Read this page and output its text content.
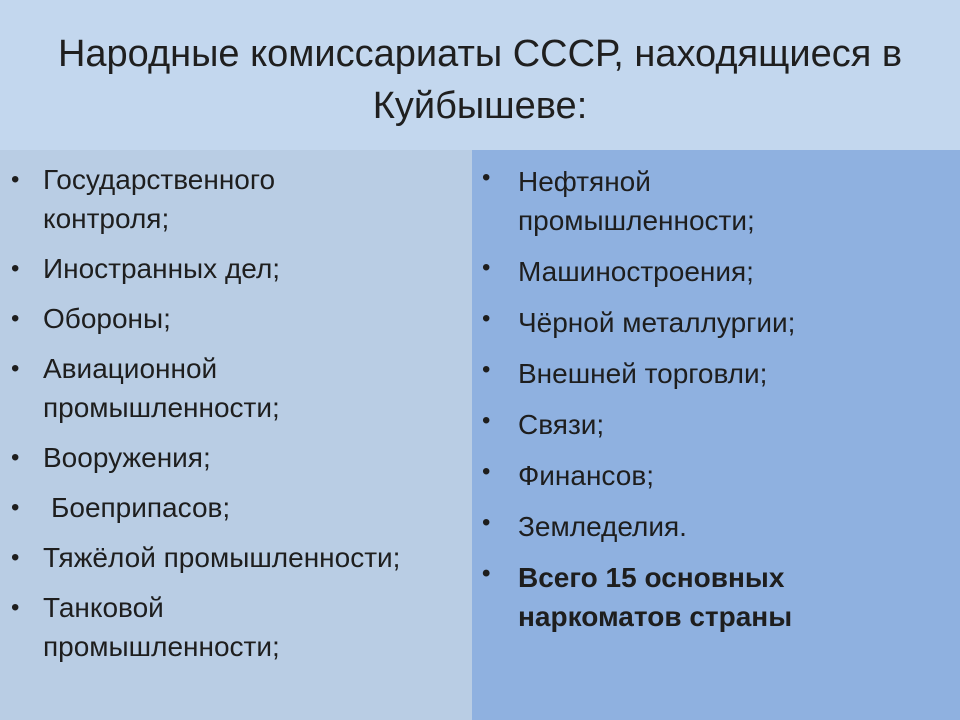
Народные комиссариаты СССР, находящиеся в Куйбышеве:
• Государственного контроля;
• Иностранных дел;
• Обороны;
• Авиационной промышленности;
• Вооружения;
• Боеприпасов;
• Тяжёлой промышленности;
• Танковой промышленности;
• Нефтяной промышленности;
• Машиностроения;
• Чёрной металлургии;
• Внешней торговли;
• Связи;
• Финансов;
• Земледелия.
• Всего 15 основных наркоматов страны
